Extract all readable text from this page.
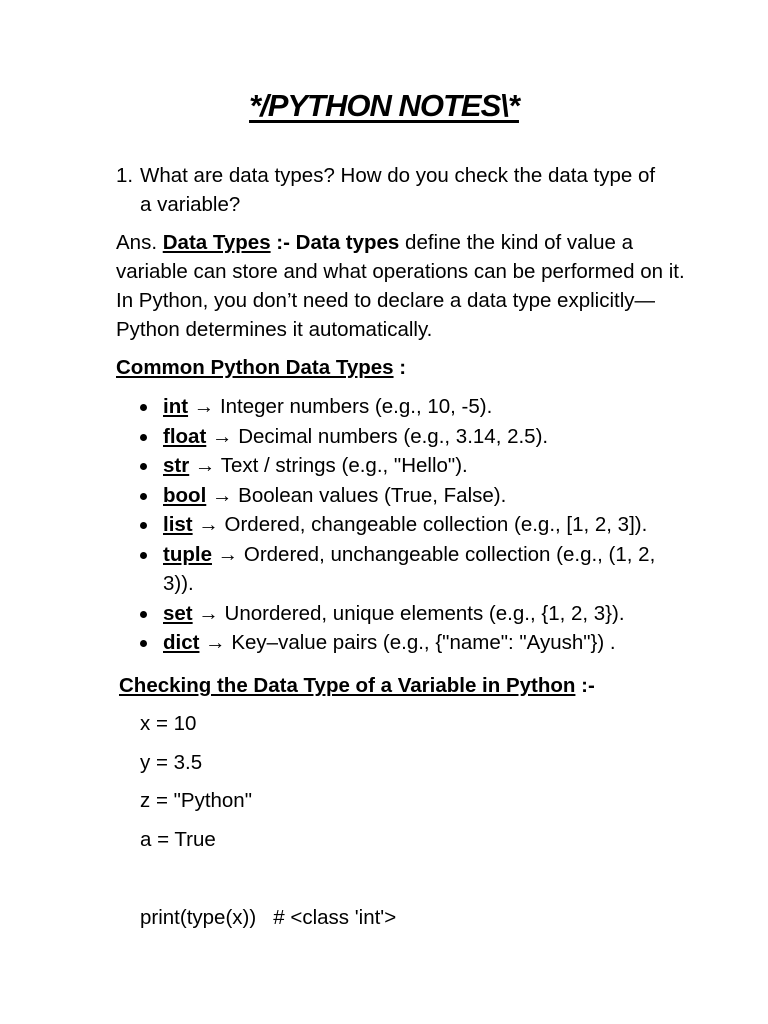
*/PYTHON NOTES\*
1. What are data types? How do you check the data type of
a variable?
Ans. Data Types :- Data types define the kind of value a variable can store and what operations can be performed on it. In Python, you don’t need to declare a data type explicitly—Python determines it automatically.
Common Python Data Types :
int → Integer numbers (e.g., 10, -5).
float → Decimal numbers (e.g., 3.14, 2.5).
str → Text / strings (e.g., "Hello").
bool → Boolean values (True, False).
list → Ordered, changeable collection (e.g., [1, 2, 3]).
tuple → Ordered, unchangeable collection (e.g., (1, 2, 3)).
set → Unordered, unique elements (e.g., {1, 2, 3}).
dict → Key–value pairs (e.g., {"name": "Ayush"}) .
Checking the Data Type of a Variable in Python :-
x = 10
y = 3.5
z = "Python"
a = True
print(type(x))   # <class 'int'>
